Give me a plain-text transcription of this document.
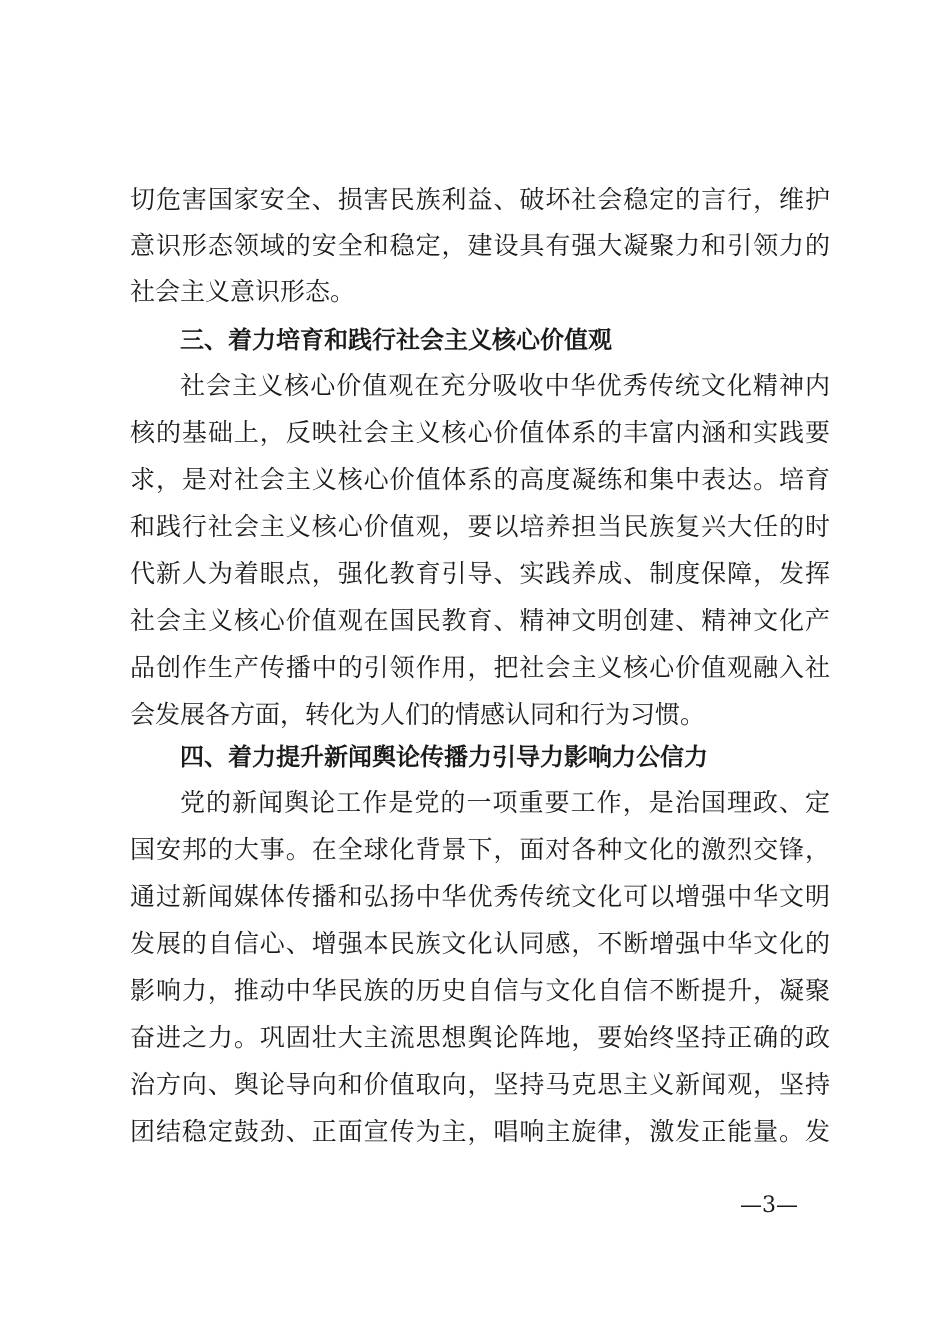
切危害国家安全、损害民族利益、破坏社会稳定的言行，维护
意识形态领域的安全和稳定，建设具有强大凝聚力和引领力的
社会主义意识形态。
三、着力培育和践行社会主义核心价值观
社会主义核心价值观在充分吸收中华优秀传统文化精神内
核的基础上，反映社会主义核心价值体系的丰富内涵和实践要
求，是对社会主义核心价值体系的高度凝练和集中表达。培育
和践行社会主义核心价值观，要以培养担当民族复兴大任的时
代新人为着眼点，强化教育引导、实践养成、制度保障，发挥
社会主义核心价值观在国民教育、精神文明创建、精神文化产
品创作生产传播中的引领作用，把社会主义核心价值观融入社
会发展各方面，转化为人们的情感认同和行为习惯。
四、着力提升新闻舆论传播力引导力影响力公信力
党的新闻舆论工作是党的一项重要工作，是治国理政、定
国安邦的大事。在全球化背景下，面对各种文化的激烈交锋，
通过新闻媒体传播和弘扬中华优秀传统文化可以增强中华文明
发展的自信心、增强本民族文化认同感，不断增强中华文化的
影响力，推动中华民族的历史自信与文化自信不断提升，凝聚
奋进之力。巩固壮大主流思想舆论阵地，要始终坚持正确的政
治方向、舆论导向和价值取向，坚持马克思主义新闻观，坚持
团结稳定鼓劲、正面宣传为主，唱响主旋律，激发正能量。发
—3—
